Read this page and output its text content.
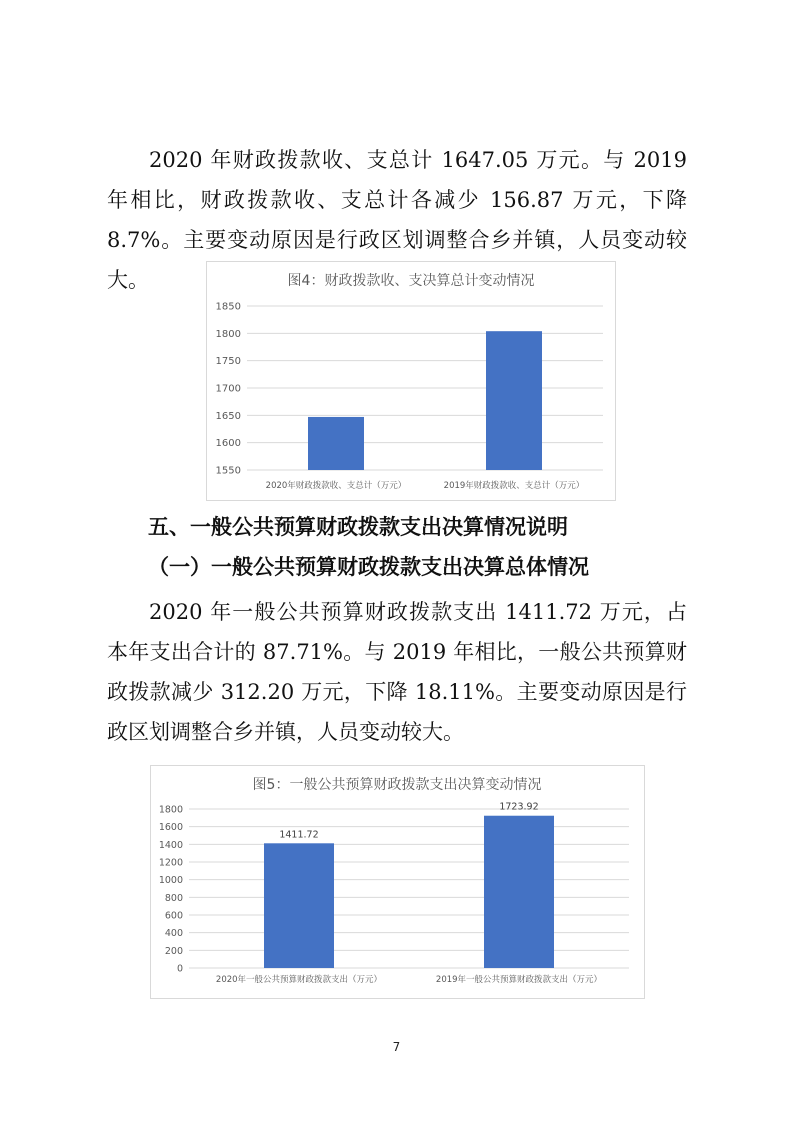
2020 年财政拨款收、支总计 1647.05 万元。与 2019 年相比，财政拨款收、支总计各减少 156.87 万元，下降 8.7%。主要变动原因是行政区划调整合乡并镇，人员变动较大。	图4：财政拨款收、支决算总计变动情况
1550
1600
1650
1700
1750
1800
1850
2020年财政拨款收、支总计（万元）	2019年财政拨款收、支总计（万元）
五、一般公共预算财政拨款支出决算情况说明
（一）一般公共预算财政拨款支出决算总体情况

2020 年一般公共预算财政拨款支出 1411.72 万元，占本年支出合计的 87.71%。与 2019 年相比，一般公共预算财政拨款减少 312.20 万元，下降 18.11%。主要变动原因是行政区划调整合乡并镇，人员变动较大。

图5：一般公共预算财政拨款支出决算变动情况
0
200
400
600
800
1000
1200
1400
1600
1800
1411.72
2020年一般公共预算财政拨款支出（万元）
1723.92
2019年一般公共预算财政拨款支出（万元）
7
